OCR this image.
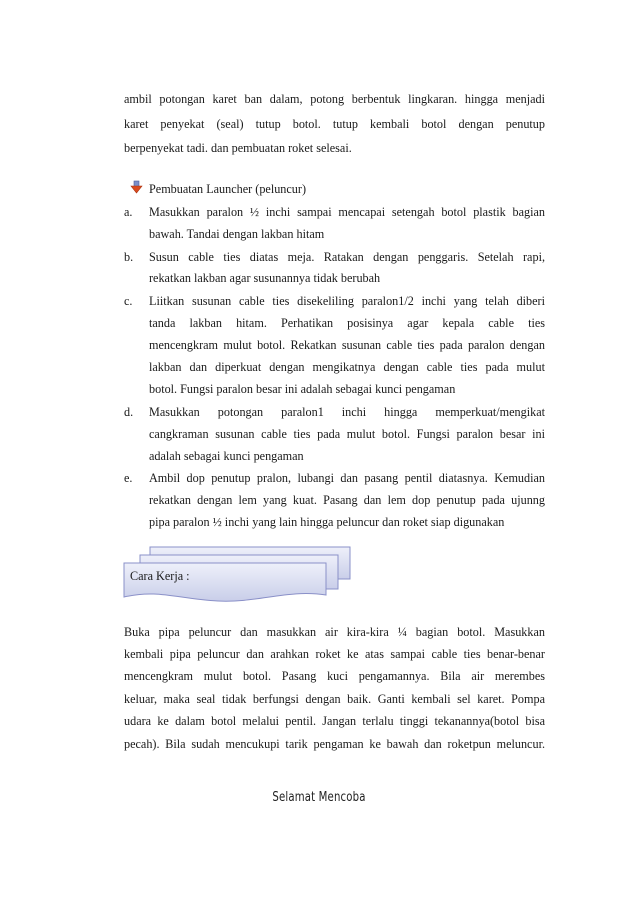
ambil potongan karet ban dalam, potong berbentuk lingkaran. hingga menjadi
karet penyekat (seal) tutup botol. tutup kembali botol dengan penutup
berpenyekat tadi. dan pembuatan roket selesai.
Pembuatan Launcher (peluncur)
a. Masukkan paralon ½ inchi sampai mencapai setengah botol plastik bagian
bawah. Tandai dengan lakban hitam
b. Susun cable ties diatas meja. Ratakan dengan penggaris. Setelah rapi,
rekatkan lakban agar susunannya tidak berubah
c. Liitkan susunan cable ties disekeliling paralon1/2 inchi yang telah diberi
tanda lakban hitam. Perhatikan posisinya agar kepala cable ties
mencengkram mulut botol. Rekatkan susunan cable ties pada paralon dengan
lakban dan diperkuat dengan mengikatnya dengan cable ties pada mulut
botol. Fungsi paralon besar ini adalah sebagai kunci pengaman
d. Masukkan potongan paralon1 inchi hingga memperkuat/mengikat
cangkraman susunan cable ties pada mulut botol. Fungsi paralon besar ini
adalah sebagai kunci pengaman
e. Ambil dop penutup pralon, lubangi dan pasang pentil diatasnya. Kemudian
rekatkan dengan lem yang kuat. Pasang dan lem dop penutup pada ujunng
pipa paralon ½ inchi yang lain hingga peluncur dan roket siap digunakan
Cara Kerja :
Buka pipa peluncur dan masukkan air kira-kira ¼ bagian botol. Masukkan
kembali pipa peluncur dan arahkan roket ke atas sampai cable ties benar-benar
mencengkram mulut botol. Pasang kuci pengamannya. Bila air merembes
keluar, maka seal tidak berfungsi dengan baik. Ganti kembali sel karet. Pompa
udara ke dalam botol melalui pentil. Jangan terlalu tinggi tekanannya(botol bisa
pecah). Bila sudah mencukupi tarik pengaman ke bawah dan roketpun meluncur.
Selamat Mencoba
